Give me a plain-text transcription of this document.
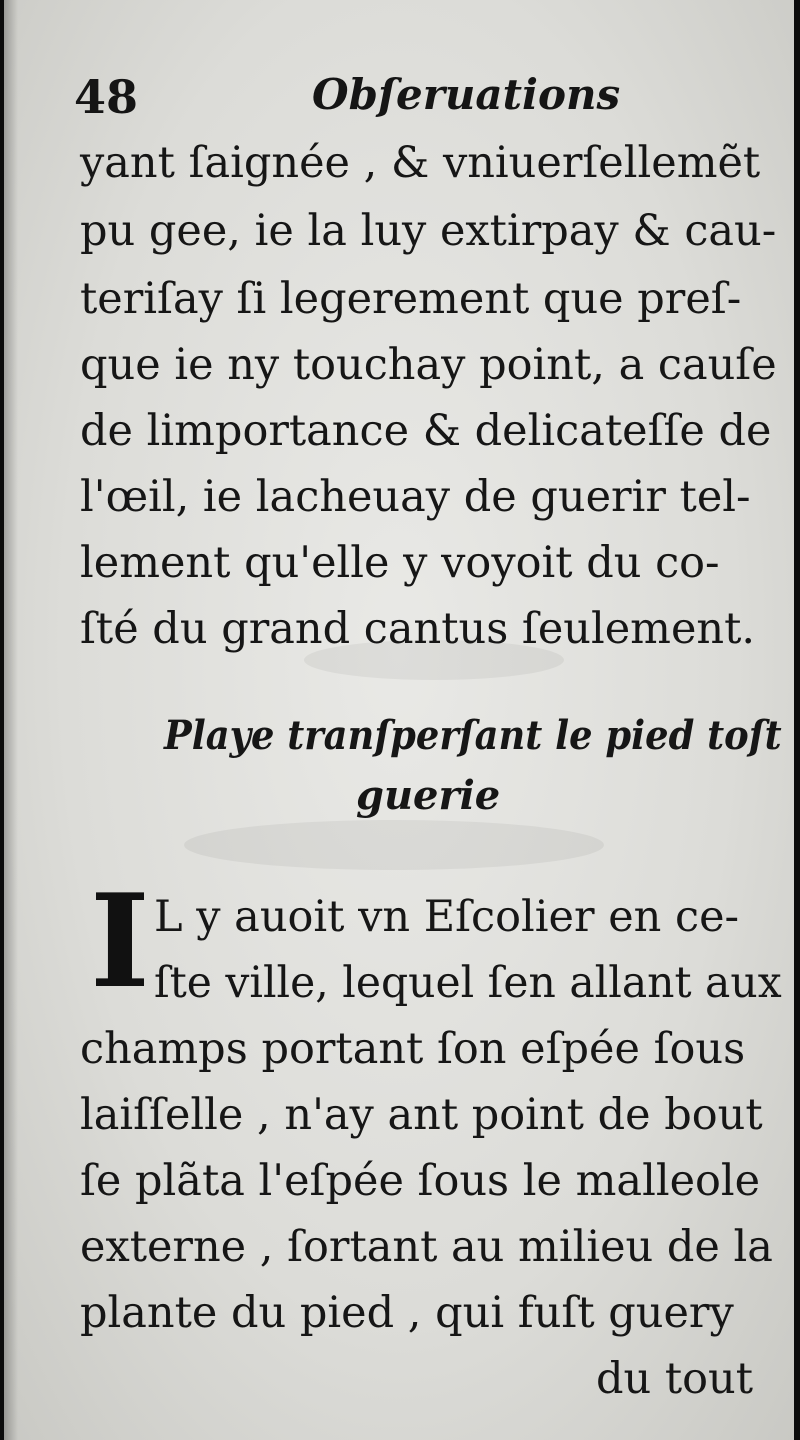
48	Obſeruations
yant ſaignée , & vniuerſellemẽt
pu gee, ie la luy extirpay & cau-
teriſay ſi legerement que preſ-
que ie ny touchay point, a cauſe
de limportance & delicateſſe de
l'œil, ie lacheuay de guerir tel-
lement qu'elle y voyoit du co-
ſté du grand cantus ſeulement.
Playe tranſperſant le pied toſt
guerie
I L y auoit vn Eſcolier en ce-
ſte ville, lequel ſen allant aux
champs portant ſon eſpée ſous
laiſſelle , n'ay ant point de bout
ſe plãta l'eſpée ſous le malleole
externe , ſortant au milieu de la
plante du pied , qui fuſt guery
du tout
